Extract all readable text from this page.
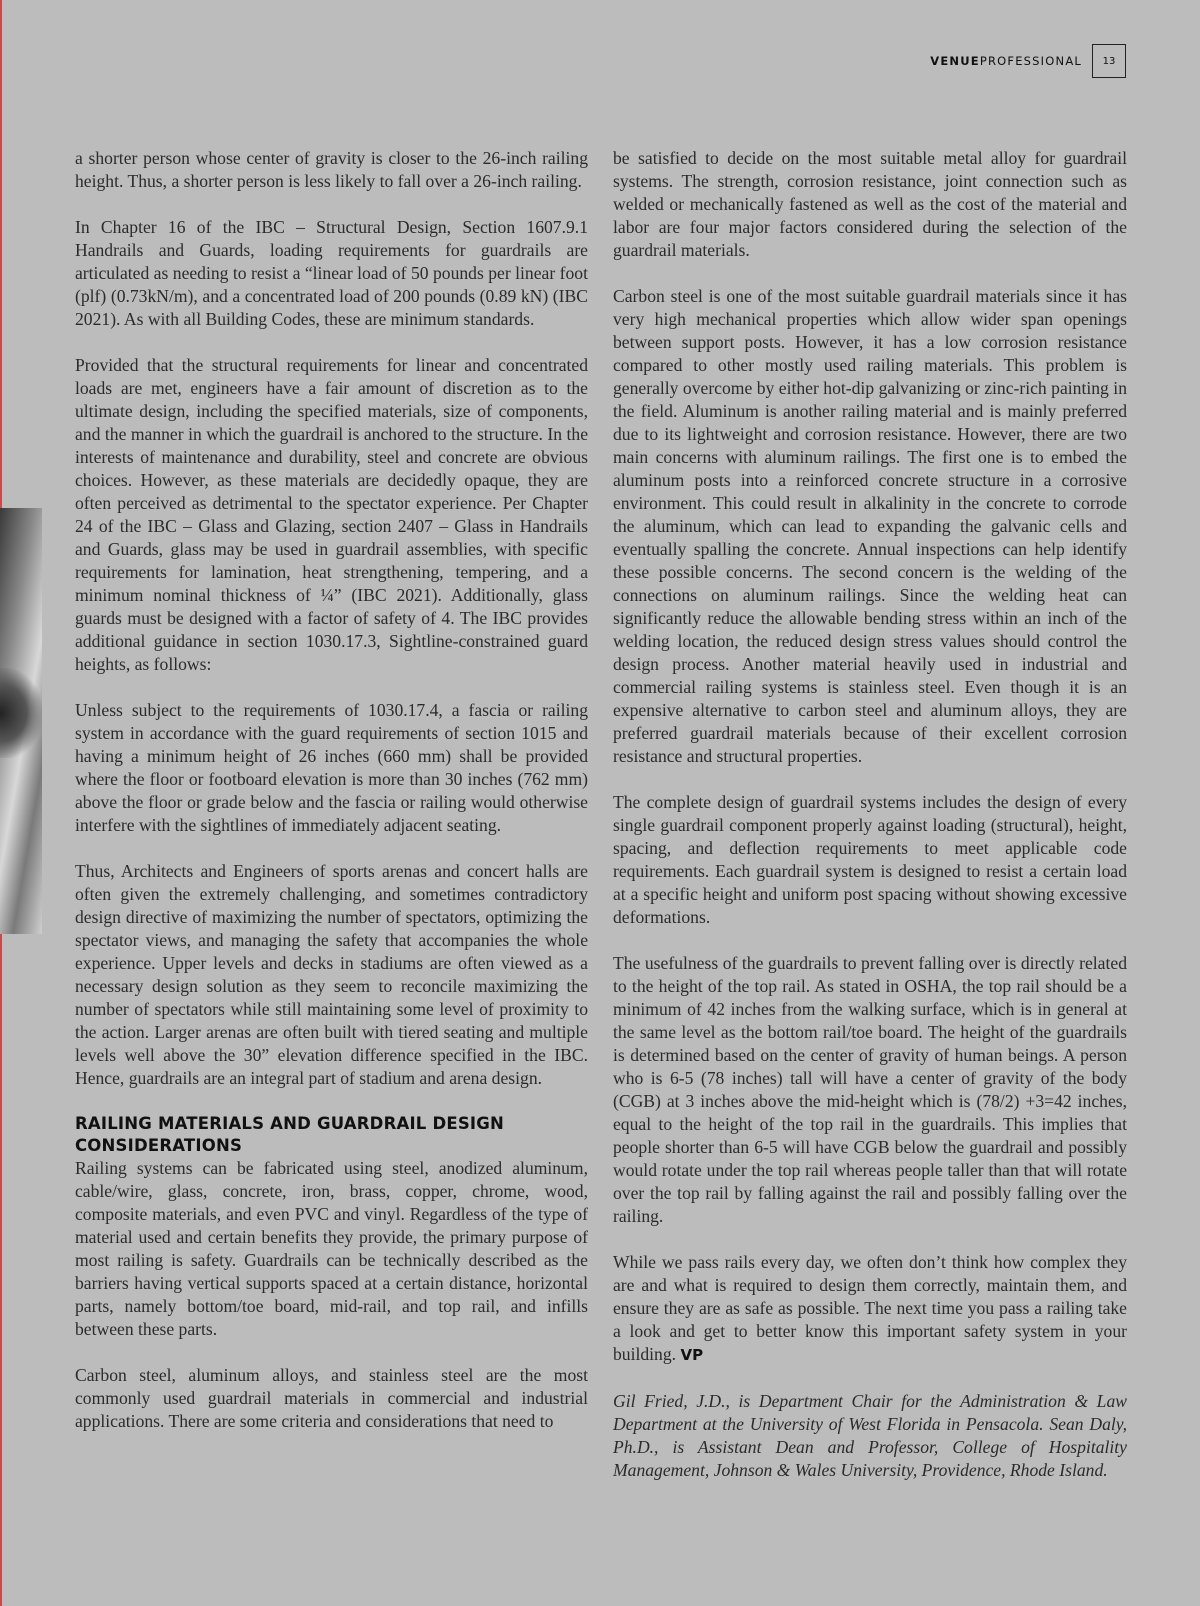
VENUEPROFESSIONAL	13

a shorter person whose center of gravity is closer to the 26-inch railing height. Thus, a shorter person is less likely to fall over a 26-inch railing.

In Chapter 16 of the IBC – Structural Design, Section 1607.9.1 Handrails and Guards, loading requirements for guardrails are articulated as needing to resist a “linear load of 50 pounds per linear foot (plf) (0.73kN/m), and a concentrated load of 200 pounds (0.89 kN) (IBC 2021). As with all Building Codes, these are minimum standards.

Provided that the structural requirements for linear and concentrated loads are met, engineers have a fair amount of discretion as to the ultimate design, including the specified materials, size of components, and the manner in which the guardrail is anchored to the structure. In the interests of maintenance and durability, steel and concrete are obvious choices. However, as these materials are decidedly opaque, they are often perceived as detrimental to the spectator experience. Per Chapter 24 of the IBC – Glass and Glazing, section 2407 – Glass in Handrails and Guards, glass may be used in guardrail assemblies, with specific requirements for lamination, heat strengthening, tempering, and a minimum nominal thickness of ¼” (IBC 2021). Additionally, glass guards must be designed with a factor of safety of 4. The IBC provides additional guidance in section 1030.17.3, Sightline-constrained guard heights, as follows:

Unless subject to the requirements of 1030.17.4, a fascia or railing system in accordance with the guard requirements of section 1015 and having a minimum height of 26 inches (660 mm) shall be provided where the floor or footboard elevation is more than 30 inches (762 mm) above the floor or grade below and the fascia or railing would otherwise interfere with the sightlines of immediately adjacent seating.

Thus, Architects and Engineers of sports arenas and concert halls are often given the extremely challenging, and sometimes contradictory design directive of maximizing the number of spectators, optimizing the spectator views, and managing the safety that accompanies the whole experience. Upper levels and decks in stadiums are often viewed as a necessary design solution as they seem to reconcile maximizing the number of spectators while still maintaining some level of proximity to the action. Larger arenas are often built with tiered seating and multiple levels well above the 30” elevation difference specified in the IBC. Hence, guardrails are an integral part of stadium and arena design.

RAILING MATERIALS AND GUARDRAIL DESIGN CONSIDERATIONS

Railing systems can be fabricated using steel, anodized aluminum, cable/wire, glass, concrete, iron, brass, copper, chrome, wood, composite materials, and even PVC and vinyl. Regardless of the type of material used and certain benefits they provide, the primary purpose of most railing is safety. Guardrails can be technically described as the barriers having vertical supports spaced at a certain distance, horizontal parts, namely bottom/toe board, mid-rail, and top rail, and infills between these parts.

Carbon steel, aluminum alloys, and stainless steel are the most commonly used guardrail materials in commercial and industrial applications. There are some criteria and considerations that need to

be satisfied to decide on the most suitable metal alloy for guardrail systems. The strength, corrosion resistance, joint connection such as welded or mechanically fastened as well as the cost of the material and labor are four major factors considered during the selection of the guardrail materials.

Carbon steel is one of the most suitable guardrail materials since it has very high mechanical properties which allow wider span openings between support posts. However, it has a low corrosion resistance compared to other mostly used railing materials. This problem is generally overcome by either hot-dip galvanizing or zinc-rich painting in the field. Aluminum is another railing material and is mainly preferred due to its lightweight and corrosion resistance. However, there are two main concerns with aluminum railings. The first one is to embed the aluminum posts into a reinforced concrete structure in a corrosive environment. This could result in alkalinity in the concrete to corrode the aluminum, which can lead to expanding the galvanic cells and eventually spalling the concrete. Annual inspections can help identify these possible concerns. The second concern is the welding of the connections on aluminum railings. Since the welding heat can significantly reduce the allowable bending stress within an inch of the welding location, the reduced design stress values should control the design process. Another material heavily used in industrial and commercial railing systems is stainless steel. Even though it is an expensive alternative to carbon steel and aluminum alloys, they are preferred guardrail materials because of their excellent corrosion resistance and structural properties.

The complete design of guardrail systems includes the design of every single guardrail component properly against loading (structural), height, spacing, and deflection requirements to meet applicable code requirements. Each guardrail system is designed to resist a certain load at a specific height and uniform post spacing without showing excessive deformations.

The usefulness of the guardrails to prevent falling over is directly related to the height of the top rail. As stated in OSHA, the top rail should be a minimum of 42 inches from the walking surface, which is in general at the same level as the bottom rail/toe board. The height of the guardrails is determined based on the center of gravity of human beings. A person who is 6-5 (78 inches) tall will have a center of gravity of the body (CGB) at 3 inches above the mid-height which is (78/2) +3=42 inches, equal to the height of the top rail in the guardrails. This implies that people shorter than 6-5 will have CGB below the guardrail and possibly would rotate under the top rail whereas people taller than that will rotate over the top rail by falling against the rail and possibly falling over the railing.

While we pass rails every day, we often don’t think how complex they are and what is required to design them correctly, maintain them, and ensure they are as safe as possible. The next time you pass a railing take a look and get to better know this important safety system in your building. VP

Gil Fried, J.D., is Department Chair for the Administration & Law Department at the University of West Florida in Pensacola. Sean Daly, Ph.D., is Assistant Dean and Professor, College of Hospitality Management, Johnson & Wales University, Providence, Rhode Island.
